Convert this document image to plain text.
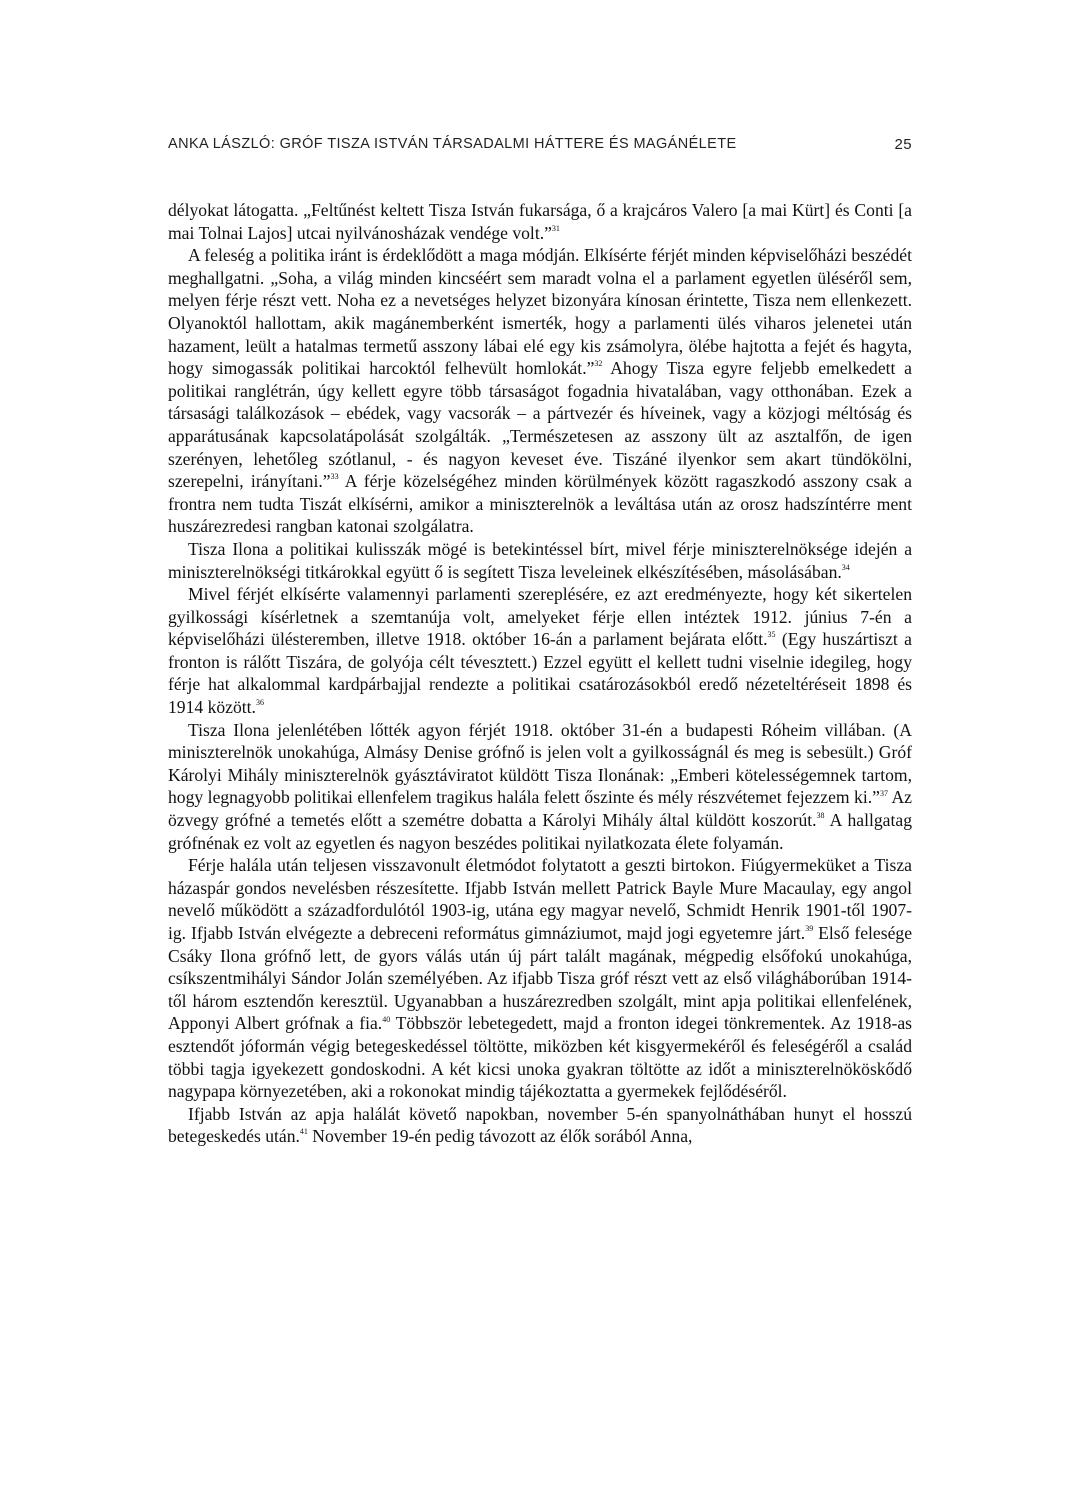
ANKA LÁSZLÓ: GRÓF TISZA ISTVÁN TÁRSADALMI HÁTTERE ÉS MAGÁNÉLETE	25

délyokat látogatta. „Feltűnést keltett Tisza István fukarsága, ő a krajcáros Valero [a mai Kürt] és Conti [a mai Tolnai Lajos] utcai nyilvánosházak vendége volt.”$^{31}$

A feleség a politika iránt is érdeklődött a maga módján. Elkísérte férjét minden képviselőházi beszédét meghallgatni. „Soha, a világ minden kincséért sem maradt volna el a parlament egyetlen üléséről sem, melyen férje részt vett. Noha ez a nevetséges helyzet bizonyára kínosan érintette, Tisza nem ellenkezett. Olyanoktól hallottam, akik magánemberként ismerték, hogy a parlamenti ülés viharos jelenetei után hazament, leült a hatalmas termetű asszony lábai elé egy kis zsámolyra, ölébe hajtotta a fejét és hagyta, hogy simogassák politikai harcoktól felhevült homlokát.”$^{32}$ Ahogy Tisza egyre feljebb emelkedett a politikai ranglétrán, úgy kellett egyre több társaságot fogadnia hivatalában, vagy otthonában. Ezek a társasági találkozások – ebédek, vagy vacsorák – a pártvezér és híveinek, vagy a közjogi méltóság és apparátusának kapcsolatápolását szolgálták. „Természetesen az asszony ült az asztalfőn, de igen szerényen, lehetőleg szótlanul, - és nagyon keveset éve. Tiszáné ilyenkor sem akart tündökölni, szerepelni, irányítani.”$^{33}$ A férje közelségéhez minden körülmények között ragaszkodó asszony csak a frontra nem tudta Tiszát elkísérni, amikor a miniszterelnök a leváltása után az orosz hadszíntérre ment huszárezredesi rangban katonai szolgálatra.

Tisza Ilona a politikai kulisszák mögé is betekintéssel bírt, mivel férje miniszterelnöksége idején a miniszterelnökségi titkárokkal együtt ő is segített Tisza leveleinek elkészítésében, másolásában.$^{34}$

Mivel férjét elkísérte valamennyi parlamenti szereplésére, ez azt eredményezte, hogy két sikertelen gyilkossági kísérletnek a szemtanúja volt, amelyeket férje ellen intéztek 1912. június 7-én a képviselőházi ülésteremben, illetve 1918. október 16-án a parlament bejárata előtt.$^{35}$ (Egy huszártiszt a fronton is rálőtt Tiszára, de golyója célt tévesztett.) Ezzel együtt el kellett tudni viselnie idegileg, hogy férje hat alkalommal kardpárbajjal rendezte a politikai csatározásokból eredő nézeteltéréseit 1898 és 1914 között.$^{36}$

Tisza Ilona jelenlétében lőtték agyon férjét 1918. október 31-én a budapesti Róheim villában. (A miniszterelnök unokahúga, Almásy Denise grófnő is jelen volt a gyilkosságnál és meg is sebesült.) Gróf Károlyi Mihály miniszterelnök gyásztáviratot küldött Tisza Ilonának: „Emberi kötelességemnek tartom, hogy legnagyobb politikai ellenfelem tragikus halála felett őszinte és mély részvétemet fejezzem ki.”$^{37}$ Az özvegy grófné a temetés előtt a szemétre dobatta a Károlyi Mihály által küldött koszorút.$^{38}$ A hallgatag grófnénak ez volt az egyetlen és nagyon beszédes politikai nyilatkozata élete folyamán.

Férje halála után teljesen visszavonult életmódot folytatott a geszti birtokon. Fiúgyermeküket a Tisza házaspár gondos nevelésben részesítette. Ifjabb István mellett Patrick Bayle Mure Macaulay, egy angol nevelő működött a századfordulótól 1903-ig, utána egy magyar nevelő, Schmidt Henrik 1901-től 1907-ig. Ifjabb István elvégezte a debreceni református gimnáziumot, majd jogi egyetemre járt.$^{39}$ Első felesége Csáky Ilona grófnő lett, de gyors válás után új párt talált magának, mégpedig elsőfokú unokahúga, csíkszentmihályi Sándor Jolán személyében. Az ifjabb Tisza gróf részt vett az első világháborúban 1914-től három esztendőn keresztül. Ugyanabban a huszárezredben szolgált, mint apja politikai ellenfelének, Apponyi Albert grófnak a fia.$^{40}$ Többször lebetegedett, majd a fronton idegei tönkrementek. Az 1918-as esztendőt jóformán végig betegeskedéssel töltötte, miközben két kisgyermekéről és feleségéről a család többi tagja igyekezett gondoskodni. A két kicsi unoka gyakran töltötte az időt a miniszterelnököskődő nagypapa környezetében, aki a rokonokat mindig tájékoztatta a gyermekek fejlődéséről.

Ifjabb István az apja halálát követő napokban, november 5-én spanyolnáthában hunyt el hosszú betegeskedés után.$^{41}$ November 19-én pedig távozott az élők sorából Anna,
